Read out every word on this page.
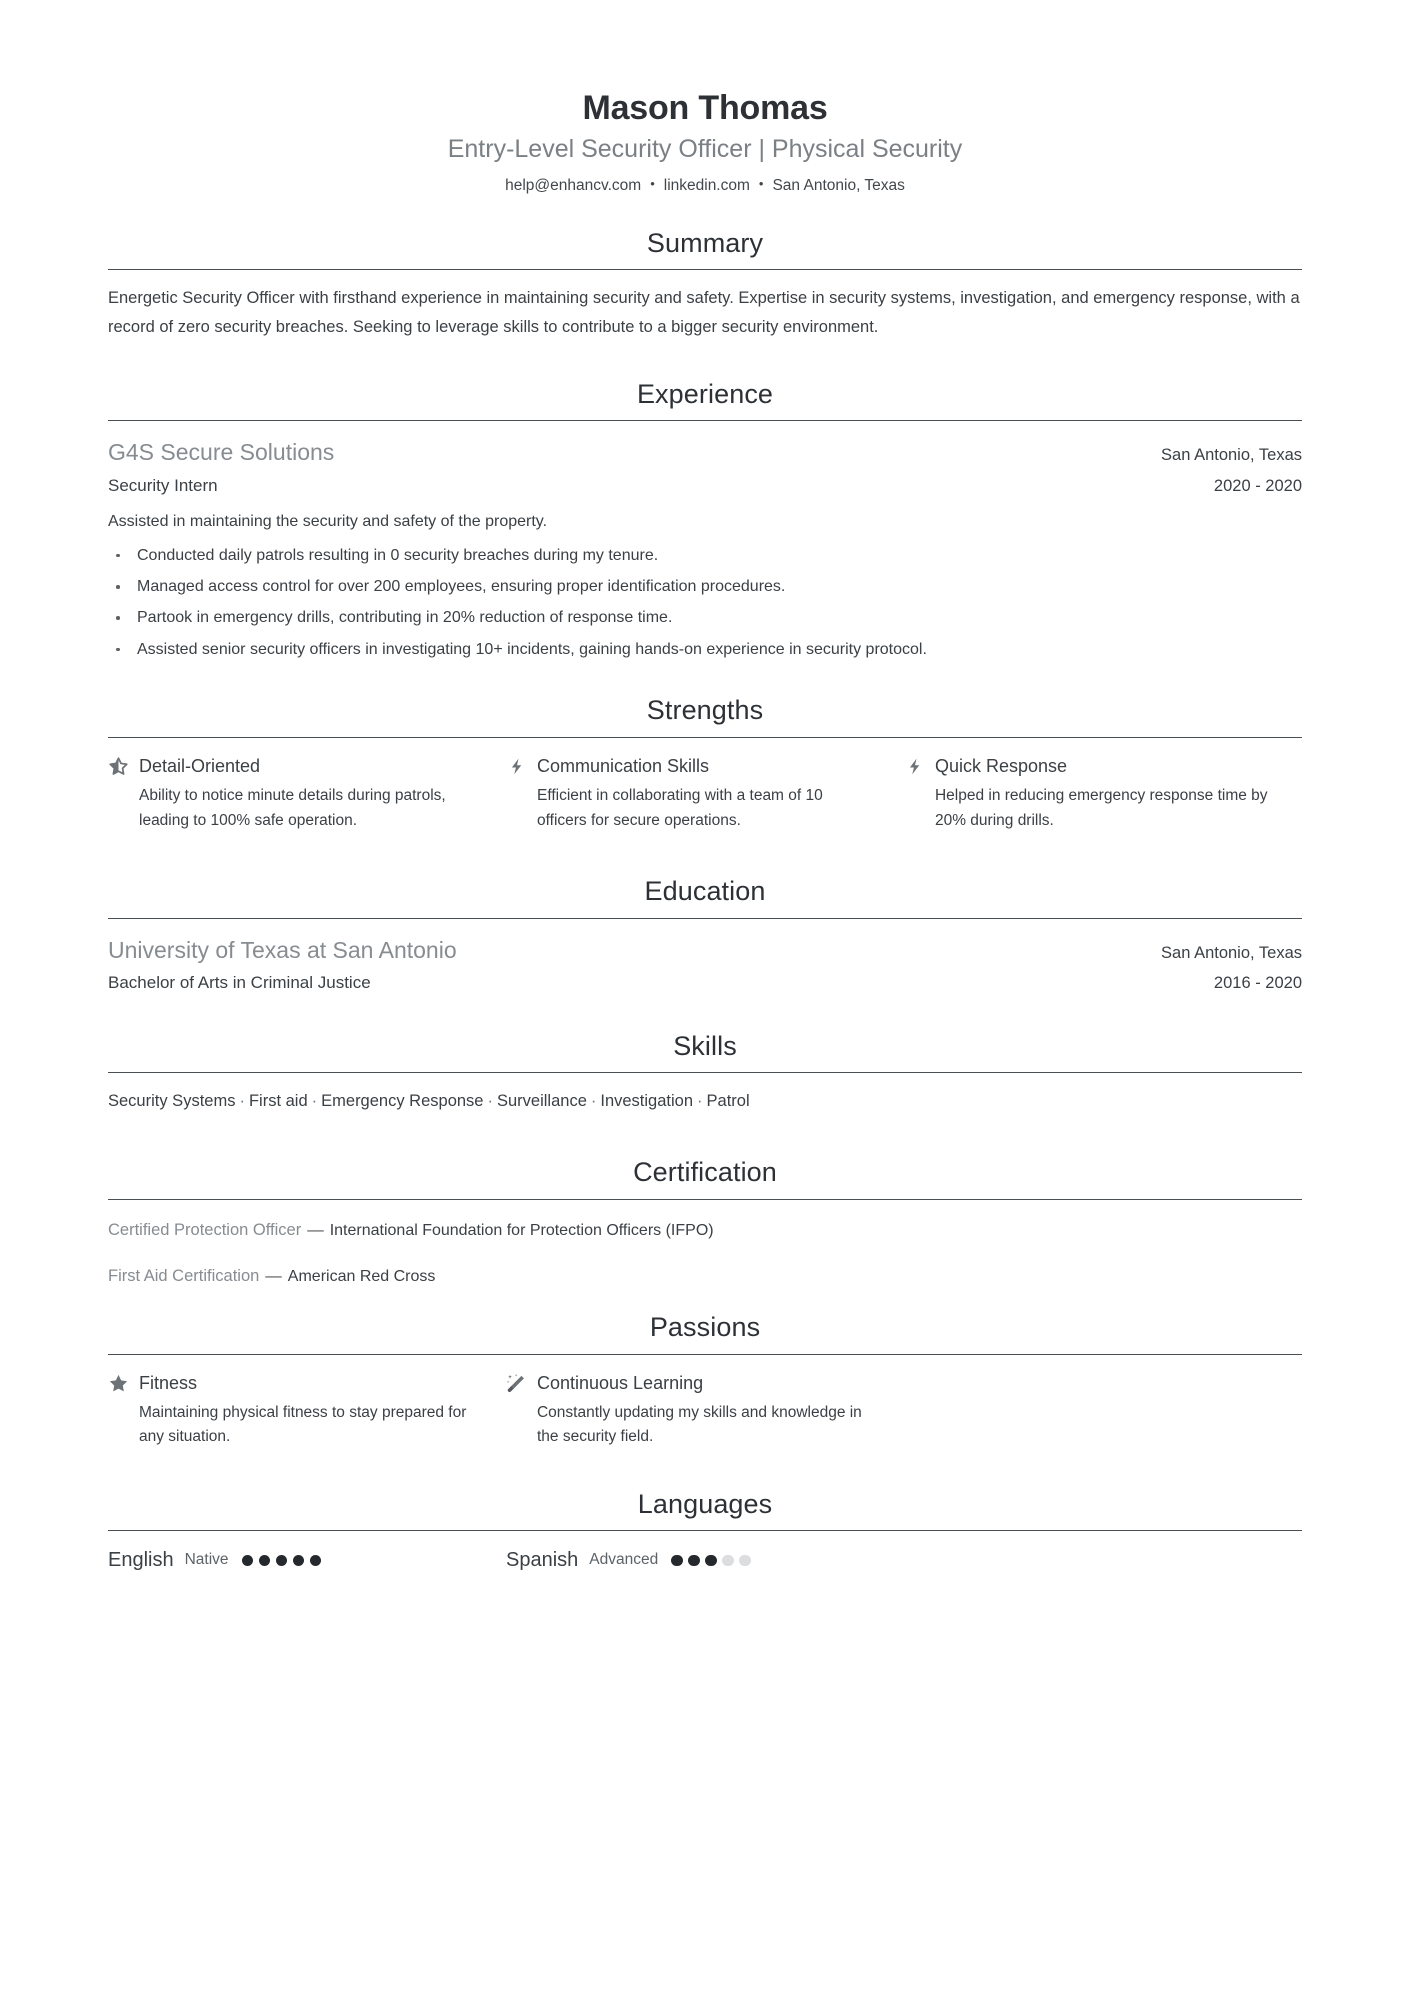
Mason Thomas
Entry-Level Security Officer | Physical Security
help@enhancv.com • linkedin.com • San Antonio, Texas
Summary
Energetic Security Officer with firsthand experience in maintaining security and safety. Expertise in security systems, investigation, and emergency response, with a record of zero security breaches. Seeking to leverage skills to contribute to a bigger security environment.
Experience
G4S Secure Solutions	San Antonio, Texas
Security Intern	2020 - 2020
Assisted in maintaining the security and safety of the property.
Conducted daily patrols resulting in 0 security breaches during my tenure.
Managed access control for over 200 employees, ensuring proper identification procedures.
Partook in emergency drills, contributing in 20% reduction of response time.
Assisted senior security officers in investigating 10+ incidents, gaining hands-on experience in security protocol.
Strengths
Detail-Oriented
Ability to notice minute details during patrols, leading to 100% safe operation.
Communication Skills
Efficient in collaborating with a team of 10 officers for secure operations.
Quick Response
Helped in reducing emergency response time by 20% during drills.
Education
University of Texas at San Antonio	San Antonio, Texas
Bachelor of Arts in Criminal Justice	2016 - 2020
Skills
Security Systems · First aid · Emergency Response · Surveillance · Investigation · Patrol
Certification
Certified Protection Officer — International Foundation for Protection Officers (IFPO)
First Aid Certification — American Red Cross
Passions
Fitness
Maintaining physical fitness to stay prepared for any situation.
Continuous Learning
Constantly updating my skills and knowledge in the security field.
Languages
English Native	Spanish Advanced
